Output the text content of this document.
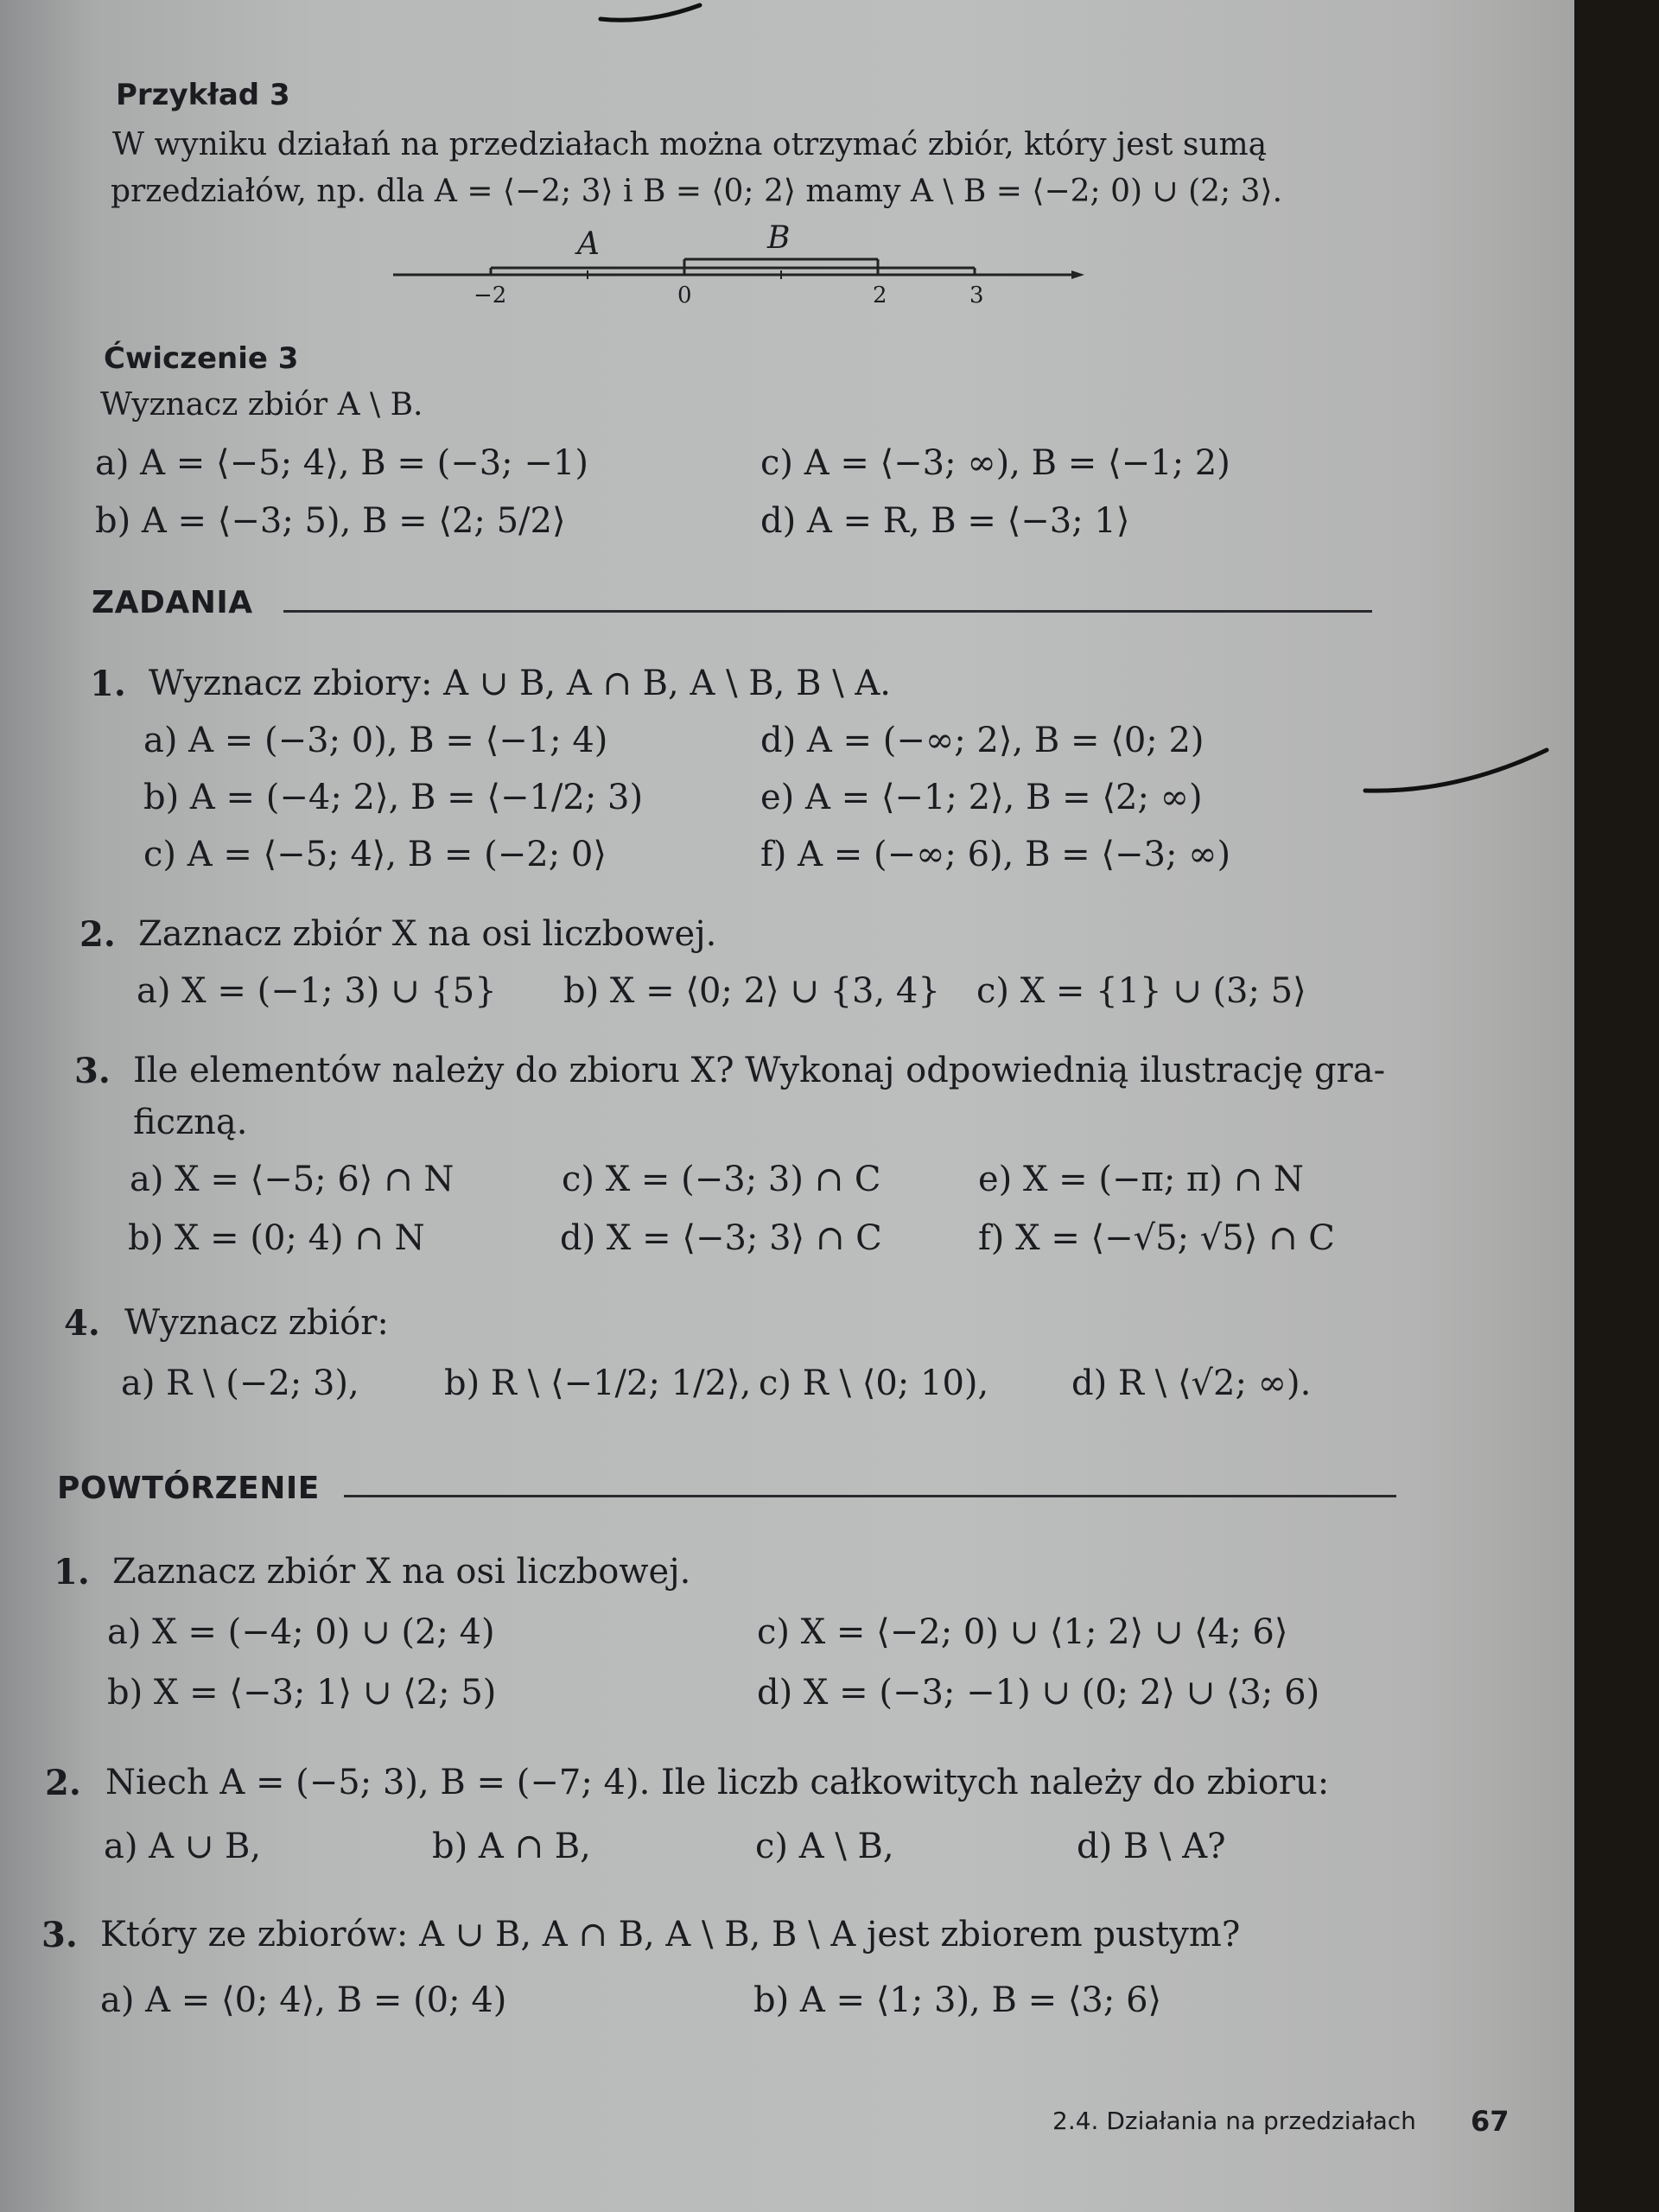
Przykład 3
W wyniku działań na przedziałach można otrzymać zbiór, który jest sumą
przedziałów, np. dla A = ⟨−2; 3⟩ i B = ⟨0; 2⟩ mamy A \ B = ⟨−2; 0) ∪ (2; 3⟩.
A	B
−2	0	2	3
Ćwiczenie 3
Wyznacz zbiór A \ B.
a) A = ⟨−5; 4⟩, B = (−3; −1)	c) A = ⟨−3; ∞), B = ⟨−1; 2)
b) A = ⟨−3; 5), B = ⟨2; 5/2⟩	d) A = R, B = ⟨−3; 1⟩
ZADANIA
1. Wyznacz zbiory: A ∪ B, A ∩ B, A \ B, B \ A.
a) A = (−3; 0), B = ⟨−1; 4)	d) A = (−∞; 2⟩, B = ⟨0; 2)
b) A = (−4; 2⟩, B = ⟨−1/2; 3)	e) A = ⟨−1; 2⟩, B = ⟨2; ∞)
c) A = ⟨−5; 4⟩, B = (−2; 0⟩	f) A = (−∞; 6), B = ⟨−3; ∞)
2. Zaznacz zbiór X na osi liczbowej.
a) X = (−1; 3) ∪ {5} b) X = ⟨0; 2⟩ ∪ {3, 4} c) X = {1} ∪ (3; 5⟩
3. Ile elementów należy do zbioru X? Wykonaj odpowiednią ilustrację gra-
ficzną.
a) X = ⟨−5; 6⟩ ∩ N	c) X = (−3; 3) ∩ C	e) X = (−π; π) ∩ N
b) X = (0; 4) ∩ N	d) X = ⟨−3; 3⟩ ∩ C	f) X = ⟨−√5; √5⟩ ∩ C
4. Wyznacz zbiór:
a) R \ (−2; 3), b) R \ ⟨−1/2; 1/2⟩, c) R \ ⟨0; 10), d) R \ ⟨√2; ∞).
POWTÓRZENIE
1. Zaznacz zbiór X na osi liczbowej.
a) X = (−4; 0) ∪ (2; 4)	c) X = ⟨−2; 0) ∪ ⟨1; 2⟩ ∪ ⟨4; 6⟩
b) X = ⟨−3; 1⟩ ∪ ⟨2; 5)	d) X = (−3; −1) ∪ (0; 2⟩ ∪ ⟨3; 6)
2. Niech A = (−5; 3), B = (−7; 4). Ile liczb całkowitych należy do zbioru:
a) A ∪ B,	b) A ∩ B,	c) A \ B,	d) B \ A?
3. Który ze zbiorów: A ∪ B, A ∩ B, A \ B, B \ A jest zbiorem pustym?
a) A = ⟨0; 4⟩, B = (0; 4)	b) A = ⟨1; 3), B = ⟨3; 6⟩
2.4. Działania na przedziałach 67
